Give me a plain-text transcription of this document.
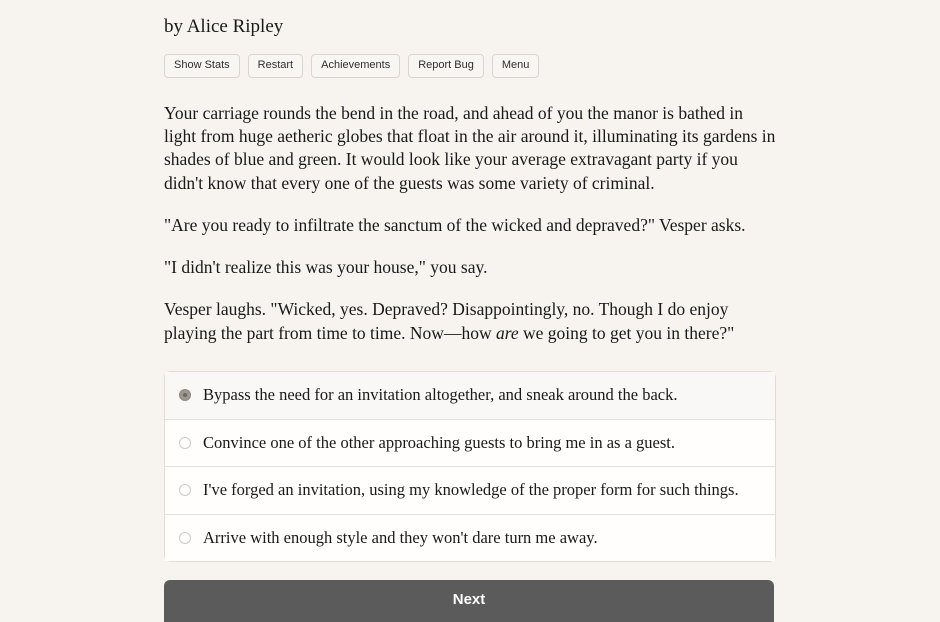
by Alice Ripley
Show Stats	Restart	Achievements	Report Bug	Menu

Your carriage rounds the bend in the road, and ahead of you the manor is bathed in light from huge aetheric globes that float in the air around it, illuminating its gardens in shades of blue and green. It would look like your average extravagant party if you didn't know that every one of the guests was some variety of criminal.

"Are you ready to infiltrate the sanctum of the wicked and depraved?" Vesper asks.

"I didn't realize this was your house," you say.

Vesper laughs. "Wicked, yes. Depraved? Disappointingly, no. Though I do enjoy playing the part from time to time. Now—how are we going to get you in there?"

Bypass the need for an invitation altogether, and sneak around the back.
Convince one of the other approaching guests to bring me in as a guest.
I've forged an invitation, using my knowledge of the proper form for such things.
Arrive with enough style and they won't dare turn me away.
Next
